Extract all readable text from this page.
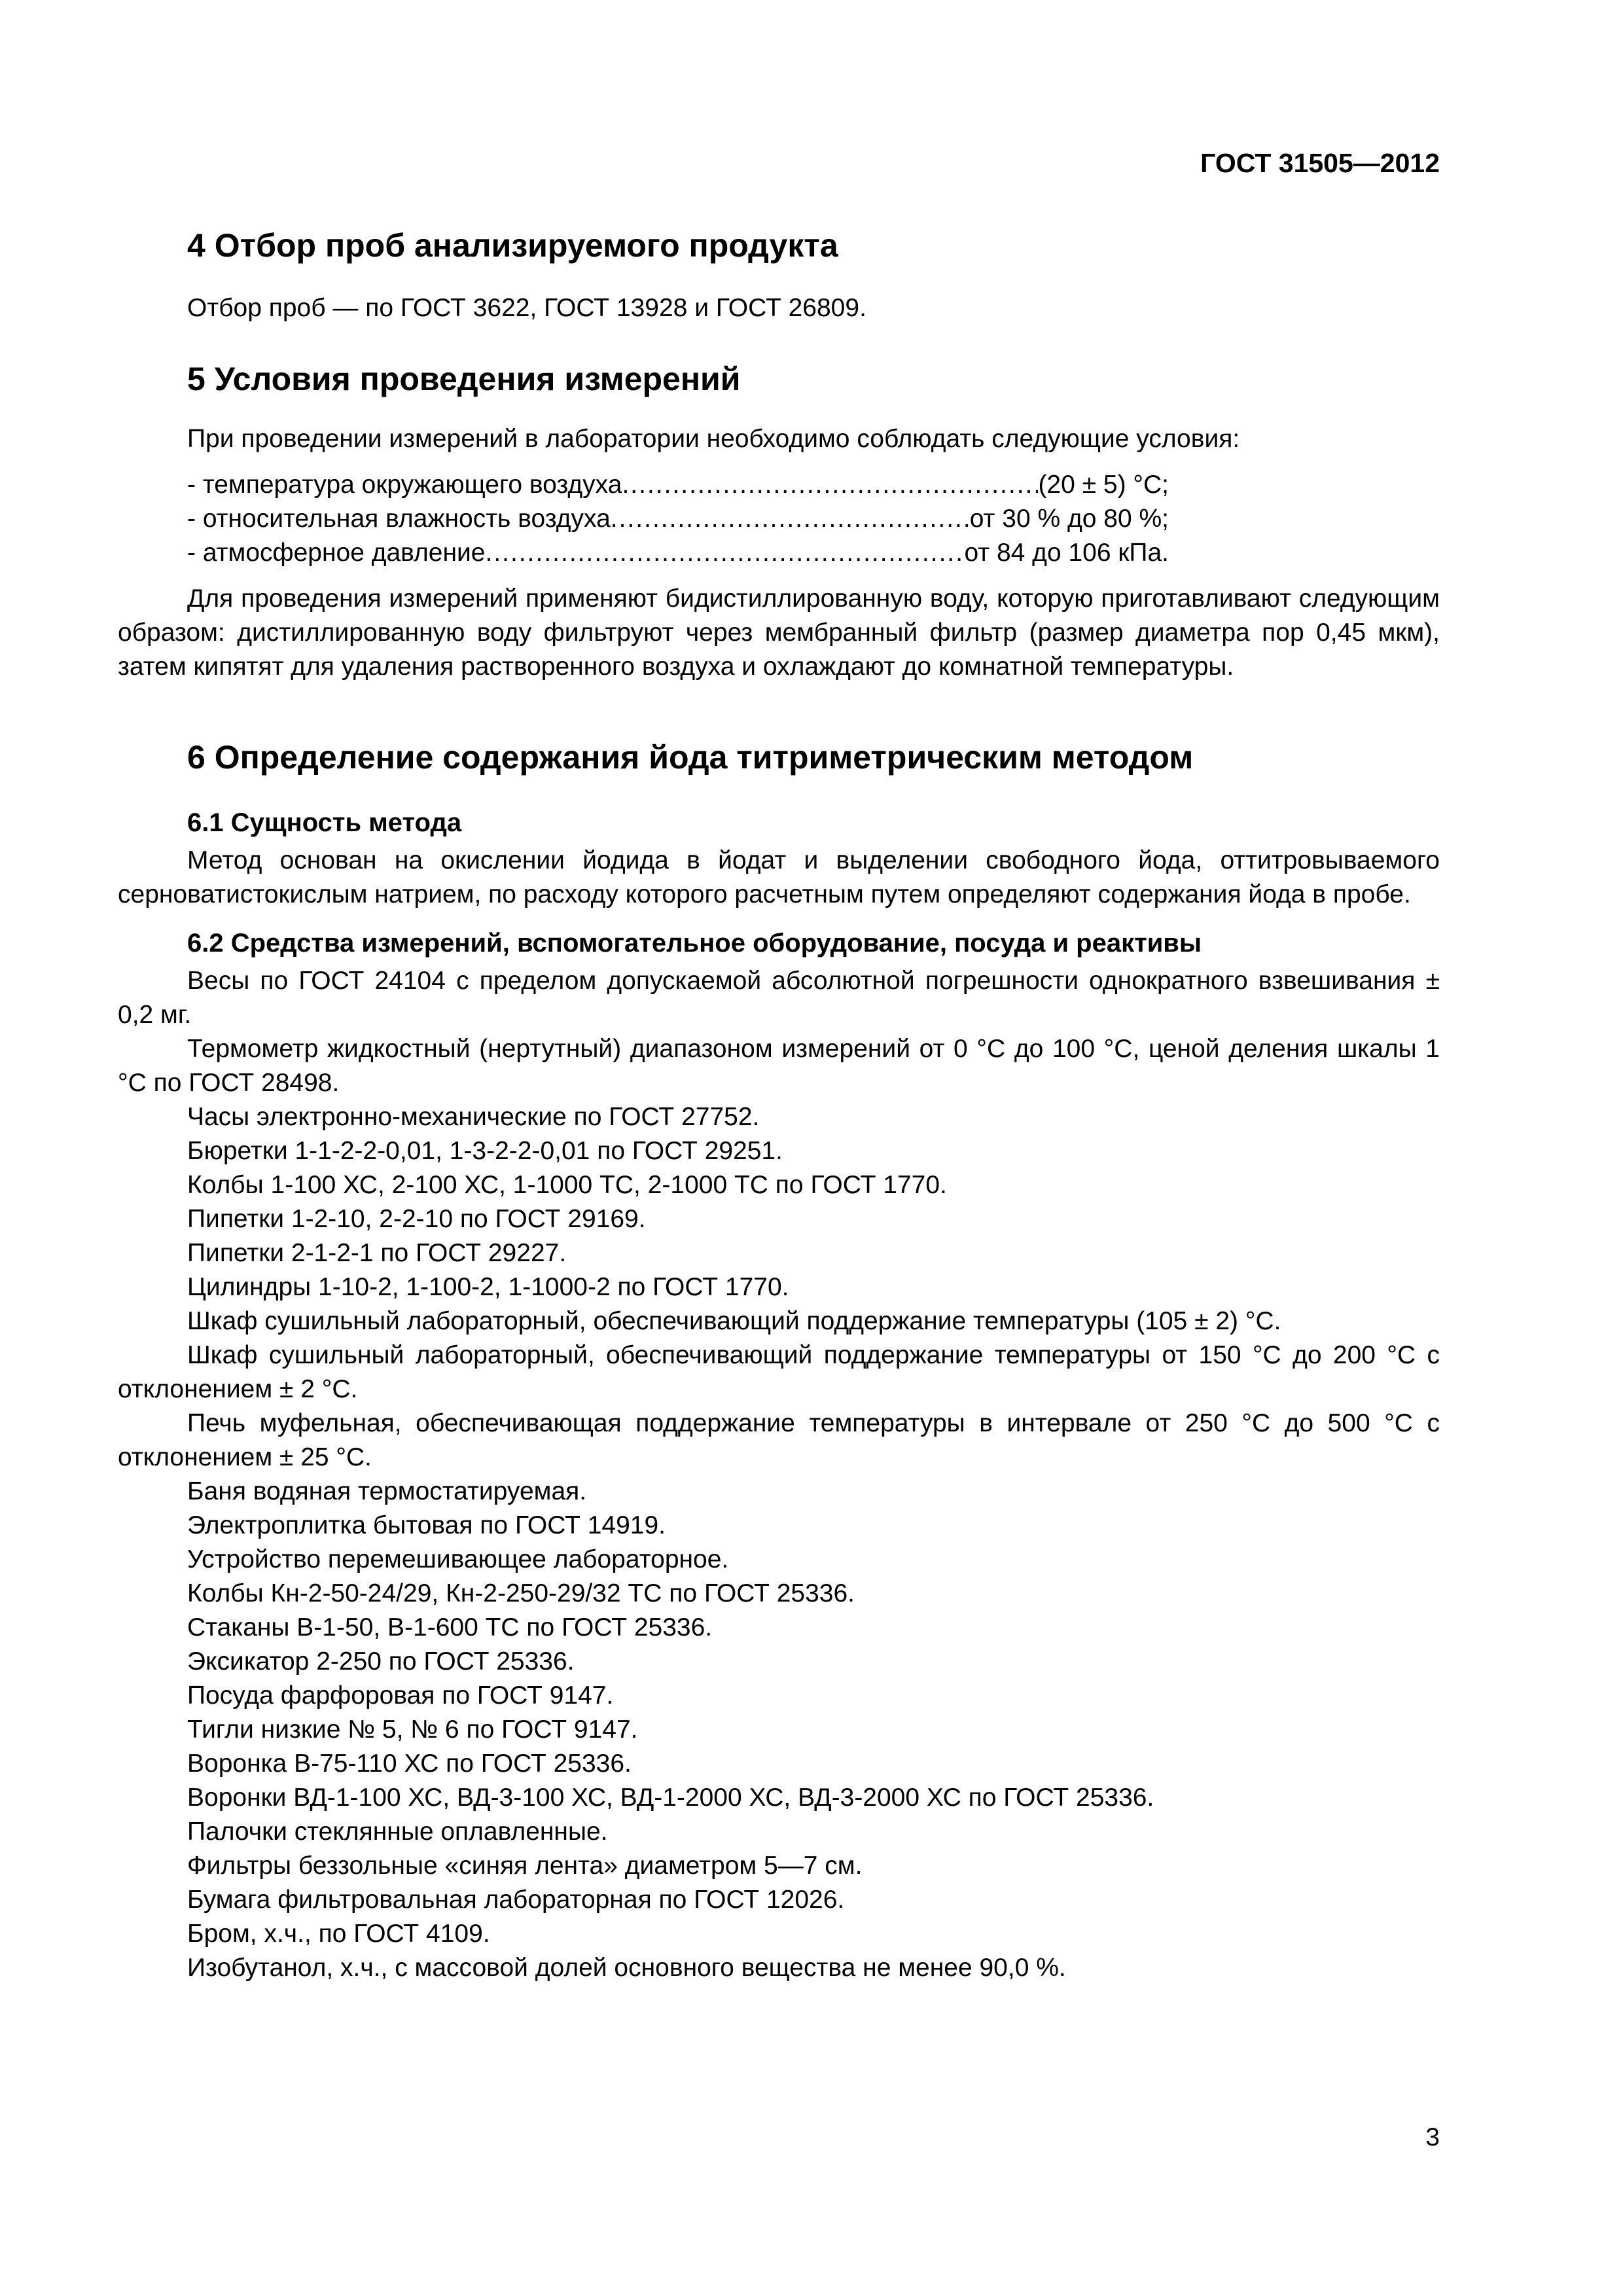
ГОСТ 31505—2012
4 Отбор проб анализируемого продукта

Отбор проб — по ГОСТ 3622, ГОСТ 13928 и ГОСТ 26809.

5 Условия проведения измерений

При проведении измерений в лаборатории необходимо соблюдать следующие условия:

- температура окружающего воздуха .....	(20 ± 5) °С;
- относительная влажность воздуха .....	от 30 % до 80 %;
- атмосферное давление .....	от 84 до 106 кПа.

Для проведения измерений применяют бидистиллированную воду, которую приготавливают следующим образом: дистиллированную воду фильтруют через мембранный фильтр (размер диаметра пор 0,45 мкм), затем кипятят для удаления растворенного воздуха и охлаждают до комнатной температуры.

6 Определение содержания йода титриметрическим методом
6.1 Сущность метода

Метод основан на окислении йодида в йодат и выделении свободного йода, оттитровываемого серноватистокислым натрием, по расходу которого расчетным путем определяют содержания йода в пробе.

6.2 Средства измерений, вспомогательное оборудование, посуда и реактивы

Весы по ГОСТ 24104 с пределом допускаемой абсолютной погрешности однократного взвешивания ± 0,2 мг.

Термометр жидкостный (нертутный) диапазоном измерений от 0 °С до 100 °С, ценой деления шкалы 1 °С по ГОСТ 28498.

Часы электронно-механические по ГОСТ 27752.

Бюретки 1-1-2-2-0,01, 1-3-2-2-0,01 по ГОСТ 29251.

Колбы 1-100 ХС, 2-100 ХС, 1-1000 ТС, 2-1000 ТС по ГОСТ 1770.

Пипетки 1-2-10, 2-2-10 по ГОСТ 29169.

Пипетки 2-1-2-1 по ГОСТ 29227.

Цилиндры 1-10-2, 1-100-2, 1-1000-2 по ГОСТ 1770.

Шкаф сушильный лабораторный, обеспечивающий поддержание температуры (105 ± 2) °С.

Шкаф сушильный лабораторный, обеспечивающий поддержание температуры от 150 °С до 200 °С с отклонением ± 2 °С.

Печь муфельная, обеспечивающая поддержание температуры в интервале от 250 °С до 500 °С с отклонением ± 25 °С.

Баня водяная термостатируемая.

Электроплитка бытовая по ГОСТ 14919.

Устройство перемешивающее лабораторное.

Колбы Кн-2-50-24/29, Кн-2-250-29/32 ТС по ГОСТ 25336.

Стаканы В-1-50, В-1-600 ТС по ГОСТ 25336.

Эксикатор 2-250 по ГОСТ 25336.

Посуда фарфоровая по ГОСТ 9147.

Тигли низкие № 5, № 6 по ГОСТ 9147.

Воронка В-75-110 ХС по ГОСТ 25336.

Воронки ВД-1-100 ХС, ВД-3-100 ХС, ВД-1-2000 ХС, ВД-3-2000 ХС по ГОСТ 25336.

Палочки стеклянные оплавленные.

Фильтры беззольные «синяя лента» диаметром 5—7 см.

Бумага фильтровальная лабораторная по ГОСТ 12026.

Бром, х.ч., по ГОСТ 4109.

Изобутанол, х.ч., с массовой долей основного вещества не менее 90,0 %.

3
